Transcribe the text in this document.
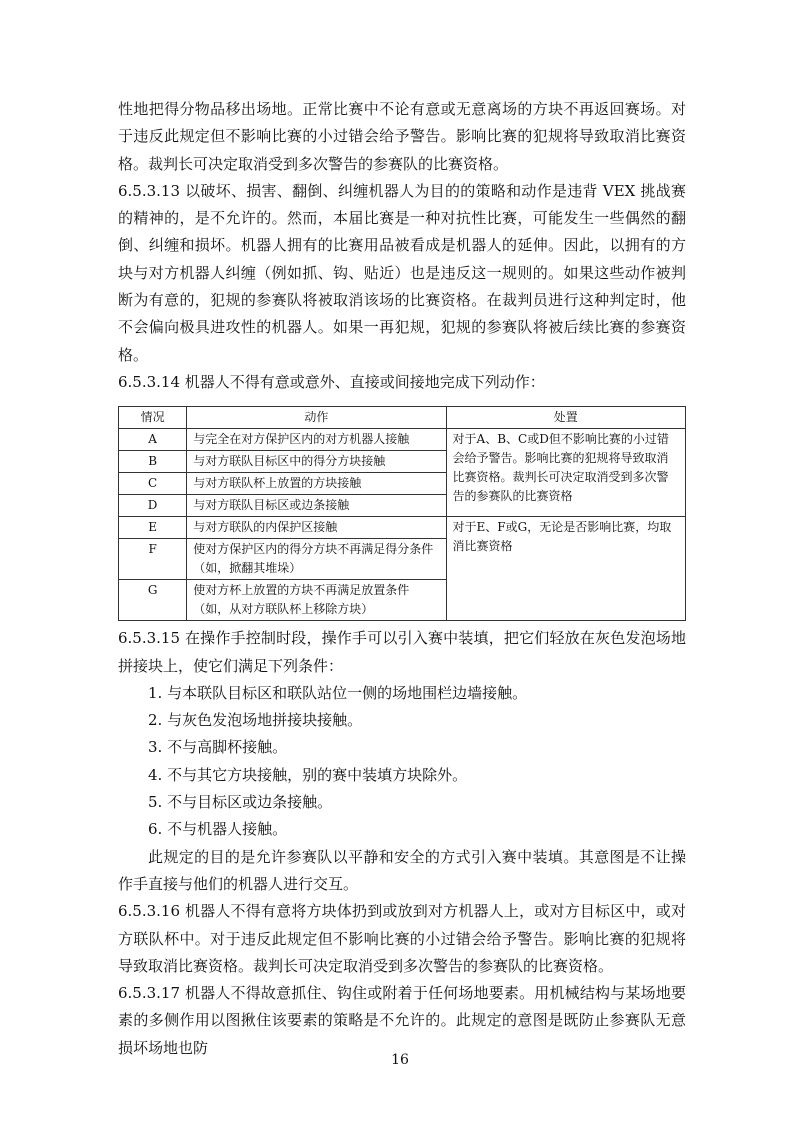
性地把得分物品移出场地。正常比赛中不论有意或无意离场的方块不再返回赛场。对于违反此规定但不影响比赛的小过错会给予警告。影响比赛的犯规将导致取消比赛资格。裁判长可决定取消受到多次警告的参赛队的比赛资格。

6.5.3.13 以破坏、损害、翻倒、纠缠机器人为目的的策略和动作是违背 VEX 挑战赛的精神的，是不允许的。然而，本届比赛是一种对抗性比赛，可能发生一些偶然的翻倒、纠缠和损坏。机器人拥有的比赛用品被看成是机器人的延伸。因此，以拥有的方块与对方机器人纠缠（例如抓、钩、贴近）也是违反这一规则的。如果这些动作被判断为有意的，犯规的参赛队将被取消该场的比赛资格。在裁判员进行这种判定时，他不会偏向极具进攻性的机器人。如果一再犯规，犯规的参赛队将被后续比赛的参赛资格。

6.5.3.14 机器人不得有意或意外、直接或间接地完成下列动作：

情况	动作	处置
A	与完全在对方保护区内的对方机器人接触	对于A、B、C或D但不影响比赛的小过错会给予警告。影响比赛的犯规将导致取消比赛资格。裁判长可决定取消受到多次警告的参赛队的比赛资格
B	与对方联队目标区中的得分方块接触	
C	与对方联队杯上放置的方块接触	
D	与对方联队目标区或边条接触	
E	与对方联队的内保护区接触	对于E、F或G，无论是否影响比赛，均取消比赛资格
F	使对方保护区内的得分方块不再满足得分条件（如，掀翻其堆垛）	
G	使对方杯上放置的方块不再满足放置条件（如，从对方联队杯上移除方块）	

6.5.3.15 在操作手控制时段，操作手可以引入赛中装填，把它们轻放在灰色发泡场地拼接块上，使它们满足下列条件：

1. 与本联队目标区和联队站位一侧的场地围栏边墙接触。
2. 与灰色发泡场地拼接块接触。
3. 不与高脚杯接触。
4. 不与其它方块接触，别的赛中装填方块除外。
5. 不与目标区或边条接触。
6. 不与机器人接触。

此规定的目的是允许参赛队以平静和安全的方式引入赛中装填。其意图是不让操作手直接与他们的机器人进行交互。

6.5.3.16 机器人不得有意将方块体扔到或放到对方机器人上，或对方目标区中，或对方联队杯中。对于违反此规定但不影响比赛的小过错会给予警告。影响比赛的犯规将导致取消比赛资格。裁判长可决定取消受到多次警告的参赛队的比赛资格。

6.5.3.17 机器人不得故意抓住、钩住或附着于任何场地要素。用机械结构与某场地要素的多侧作用以图揪住该要素的策略是不允许的。此规定的意图是既防止参赛队无意损坏场地也防

16
